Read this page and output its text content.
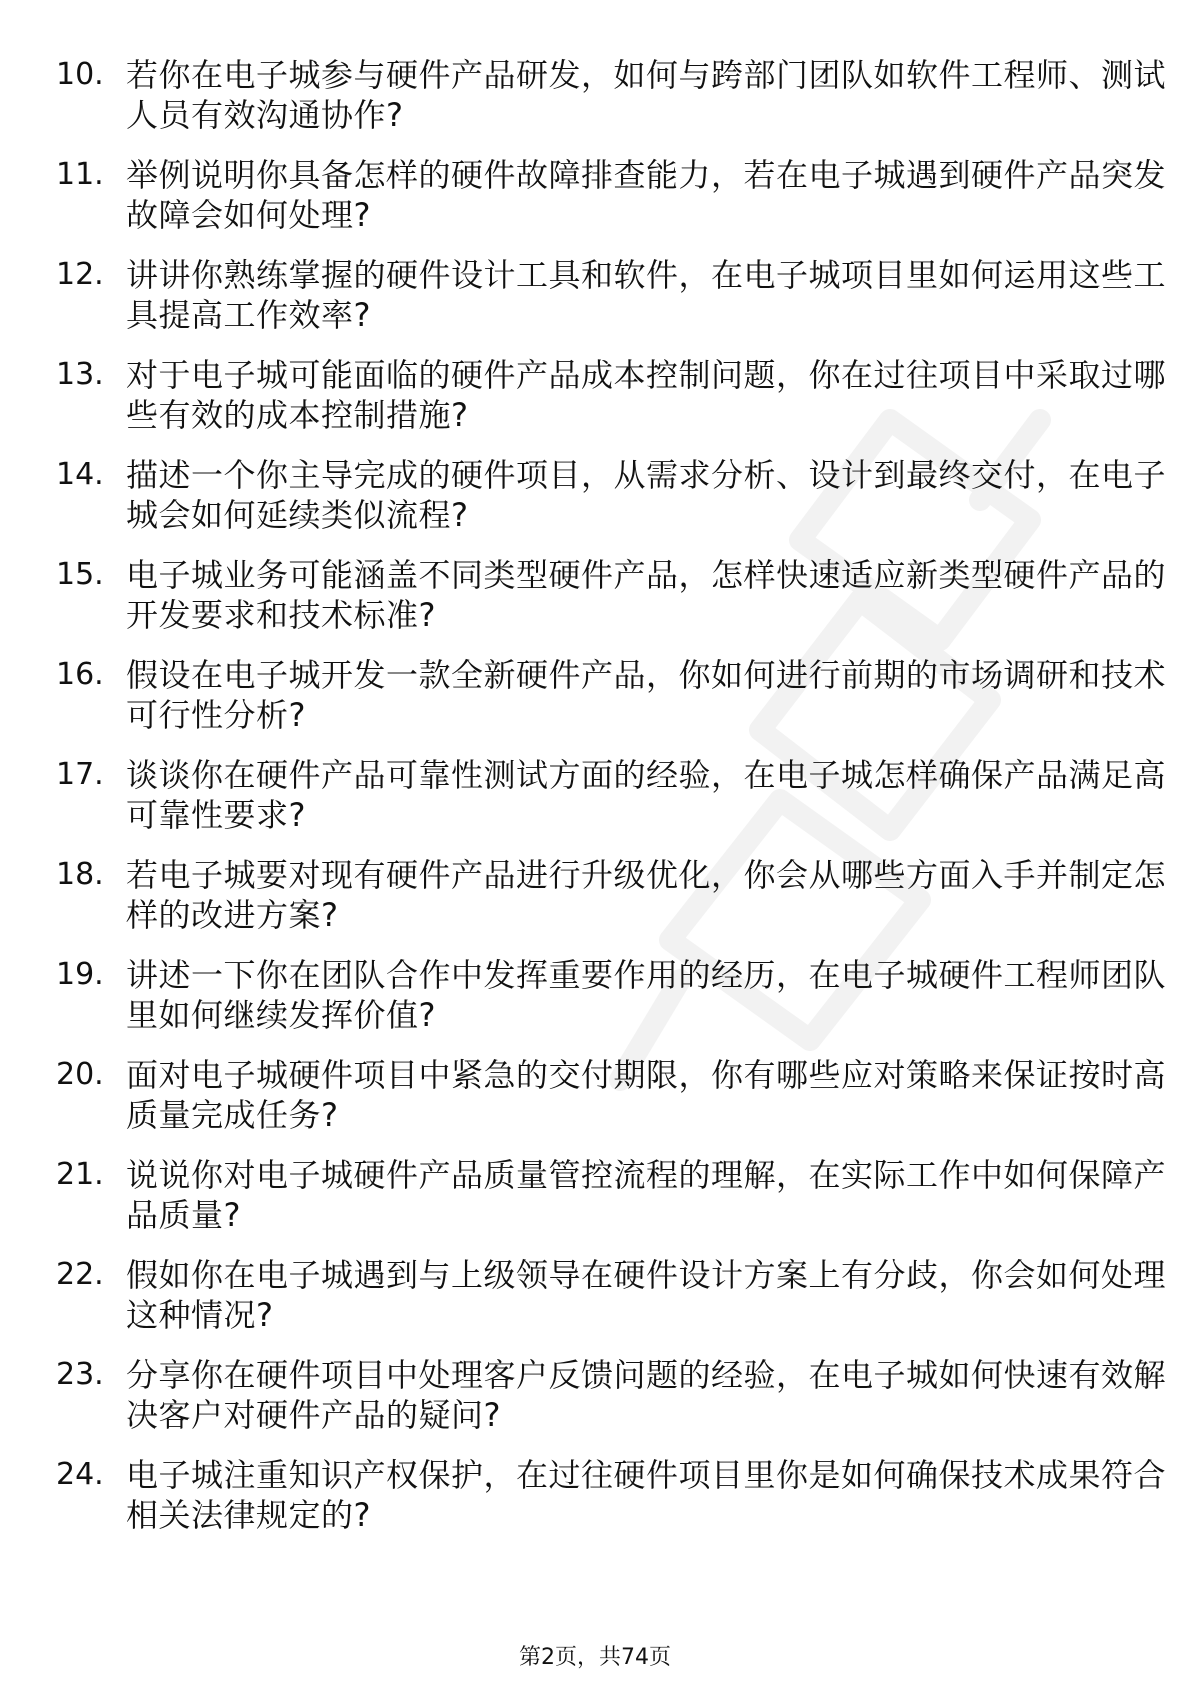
10. 若你在电子城参与硬件产品研发，如何与跨部门团队如软件工程师、测试人员有效沟通协作?
11. 举例说明你具备怎样的硬件故障排查能力，若在电子城遇到硬件产品突发故障会如何处理?
12. 讲讲你熟练掌握的硬件设计工具和软件，在电子城项目里如何运用这些工具提高工作效率?
13. 对于电子城可能面临的硬件产品成本控制问题，你在过往项目中采取过哪些有效的成本控制措施?
14. 描述一个你主导完成的硬件项目，从需求分析、设计到最终交付，在电子城会如何延续类似流程?
15. 电子城业务可能涵盖不同类型硬件产品，怎样快速适应新类型硬件产品的开发要求和技术标准?
16. 假设在电子城开发一款全新硬件产品，你如何进行前期的市场调研和技术可行性分析?
17. 谈谈你在硬件产品可靠性测试方面的经验，在电子城怎样确保产品满足高可靠性要求?
18. 若电子城要对现有硬件产品进行升级优化，你会从哪些方面入手并制定怎样的改进方案?
19. 讲述一下你在团队合作中发挥重要作用的经历，在电子城硬件工程师团队里如何继续发挥价值?
20. 面对电子城硬件项目中紧急的交付期限，你有哪些应对策略来保证按时高质量完成任务?
21. 说说你对电子城硬件产品质量管控流程的理解，在实际工作中如何保障产品质量?
22. 假如你在电子城遇到与上级领导在硬件设计方案上有分歧，你会如何处理这种情况?
23. 分享你在硬件项目中处理客户反馈问题的经验，在电子城如何快速有效解决客户对硬件产品的疑问?
24. 电子城注重知识产权保护，在过往硬件项目里你是如何确保技术成果符合相关法律规定的?
第2页，共74页
